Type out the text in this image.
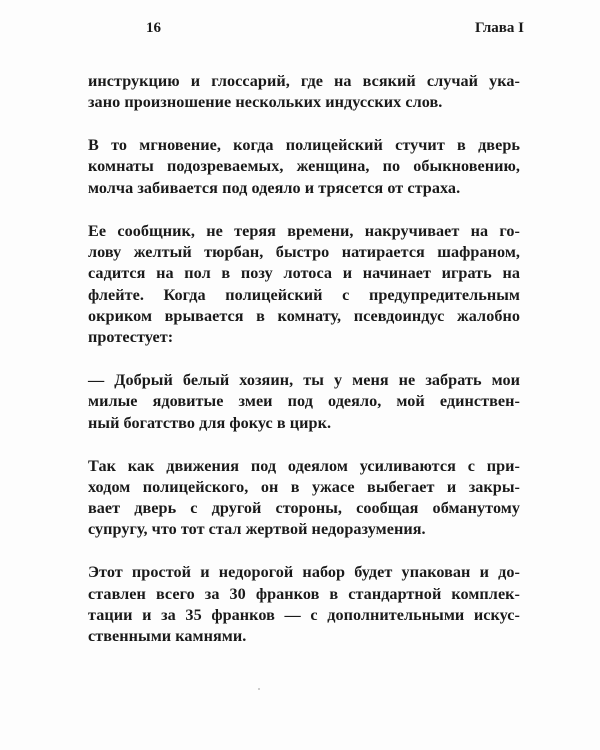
16	Глава I
инструкцию и глоссарий, где на всякий случай ука-
зано произношение нескольких индусских слов.
В то мгновение, когда полицейский стучит в дверь
комнаты подозреваемых, женщина, по обыкновению,
молча забивается под одеяло и трясется от страха.
Ее сообщник, не теряя времени, накручивает на го-
лову желтый тюрбан, быстро натирается шафраном,
садится на пол в позу лотоса и начинает играть на
флейте. Когда полицейский с предупредительным
окриком врывается в комнату, псевдоиндус жалобно
протестует:
— Добрый белый хозяин, ты у меня не забрать мои
милые ядовитые змеи под одеяло, мой единствен-
ный богатство для фокус в цирк.
Так как движения под одеялом усиливаются с при-
ходом полицейского, он в ужасе выбегает и закры-
вает дверь с другой стороны, сообщая обманутому
супругу, что тот стал жертвой недоразумения.
Этот простой и недорогой набор будет упакован и до-
ставлен всего за 30 франков в стандартной комплек-
тации и за 35 франков — с дополнительными искус-
ственными камнями.
